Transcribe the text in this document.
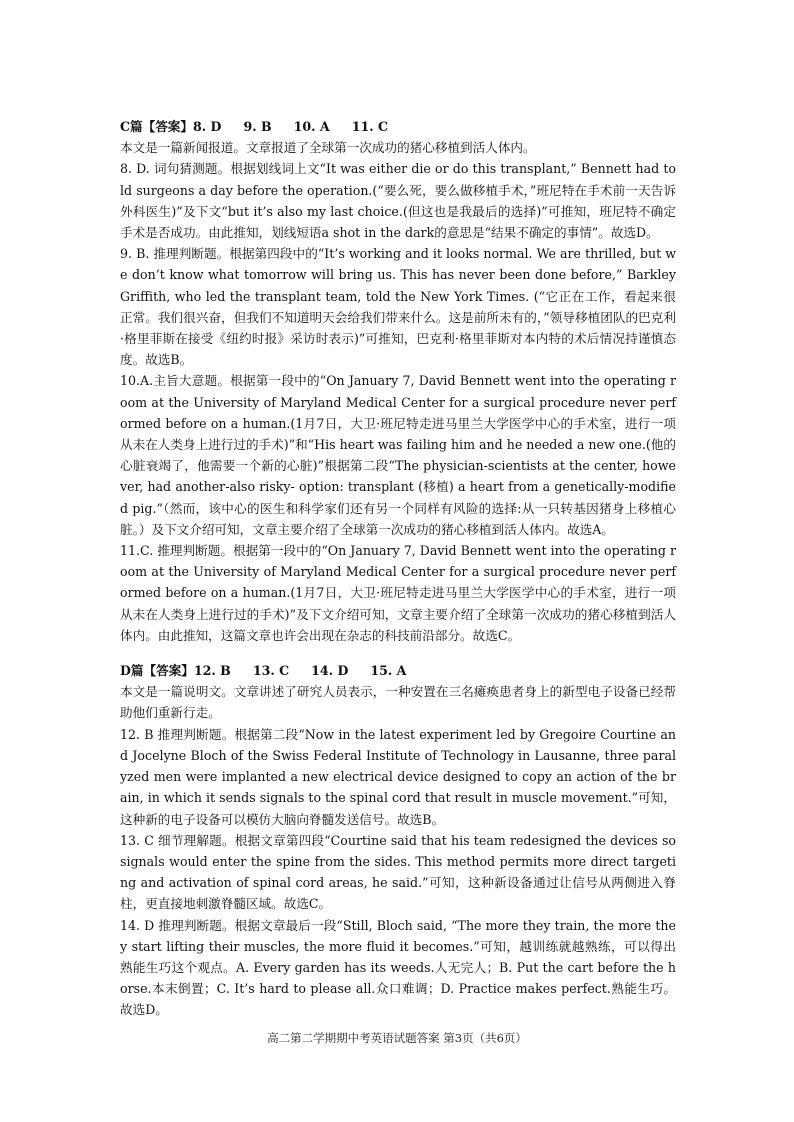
C篇【答案】8. D 9. B 10. A 11. C

本文是一篇新闻报道。文章报道了全球第一次成功的猪心移植到活人体内。

8. D. 词句猜测题。根据划线词上文“It was either die or do this transplant,” Bennett had told surgeons a day before the operation.(“要么死，要么做移植手术，”班尼特在手术前一天告诉外科医生)”及下文“but it’s also my last choice.(但这也是我最后的选择)”可推知，班尼特不确定手术是否成功。由此推知，划线短语a shot in the dark的意思是“结果不确定的事情”。故选D。

9. B. 推理判断题。根据第四段中的“It’s working and it looks normal. We are thrilled, but we don’t know what tomorrow will bring us. This has never been done before,” Barkley Griffith, who led the transplant team, told the New York Times. (“它正在工作，看起来很正常。我们很兴奋，但我们不知道明天会给我们带来什么。这是前所未有的，”领导移植团队的巴克利·格里菲斯在接受《纽约时报》采访时表示)”可推知，巴克利·格里菲斯对本内特的术后情况持谨慎态度。故选B。

10.A.主旨大意题。根据第一段中的“On January 7, David Bennett went into the operating room at the University of Maryland Medical Center for a surgical procedure never performed before on a human.(1月7日，大卫·班尼特走进马里兰大学医学中心的手术室，进行一项从未在人类身上进行过的手术)”和“His heart was failing him and he needed a new one.(他的心脏衰竭了，他需要一个新的心脏)”根据第二段“The physician-scientists at the center, however, had another-also risky- option: transplant (移植) a heart from a genetically-modified pig.”（然而，该中心的医生和科学家们还有另一个同样有风险的选择:从一只转基因猪身上移植心脏。）及下文介绍可知，文章主要介绍了全球第一次成功的猪心移植到活人体内。故选A。

11.C. 推理判断题。根据第一段中的“On January 7, David Bennett went into the operating room at the University of Maryland Medical Center for a surgical procedure never performed before on a human.(1月7日，大卫·班尼特走进马里兰大学医学中心的手术室，进行一项从未在人类身上进行过的手术)”及下文介绍可知，文章主要介绍了全球第一次成功的猪心移植到活人体内。由此推知，这篇文章也许会出现在杂志的科技前沿部分。故选C。

D篇【答案】12. B 13. C 14. D 15. A

本文是一篇说明文。文章讲述了研究人员表示，一种安置在三名瘫痪患者身上的新型电子设备已经帮助他们重新行走。

12. B 推理判断题。根据第二段“Now in the latest experiment led by Gregoire Courtine and Jocelyne Bloch of the Swiss Federal Institute of Technology in Lausanne, three paralyzed men were implanted a new electrical device designed to copy an action of the brain, in which it sends signals to the spinal cord that result in muscle movement.”可知，这种新的电子设备可以模仿大脑向脊髓发送信号。故选B。

13. C 细节理解题。根据文章第四段“Courtine said that his team redesigned the devices so signals would enter the spine from the sides. This method permits more direct targeting and activation of spinal cord areas, he said.”可知，这种新设备通过让信号从两侧进入脊柱，更直接地刺激脊髓区域。故选C。

14. D 推理判断题。根据文章最后一段“Still, Bloch said, “The more they train, the more they start lifting their muscles, the more fluid it becomes.”可知，越训练就越熟练，可以得出熟能生巧这个观点。A. Every garden has its weeds.人无完人；B. Put the cart before the horse.本末倒置；C. It’s hard to please all.众口难调；D. Practice makes perfect.熟能生巧。故选D。

高二第二学期期中考英语试题答案 第3页（共6页）
